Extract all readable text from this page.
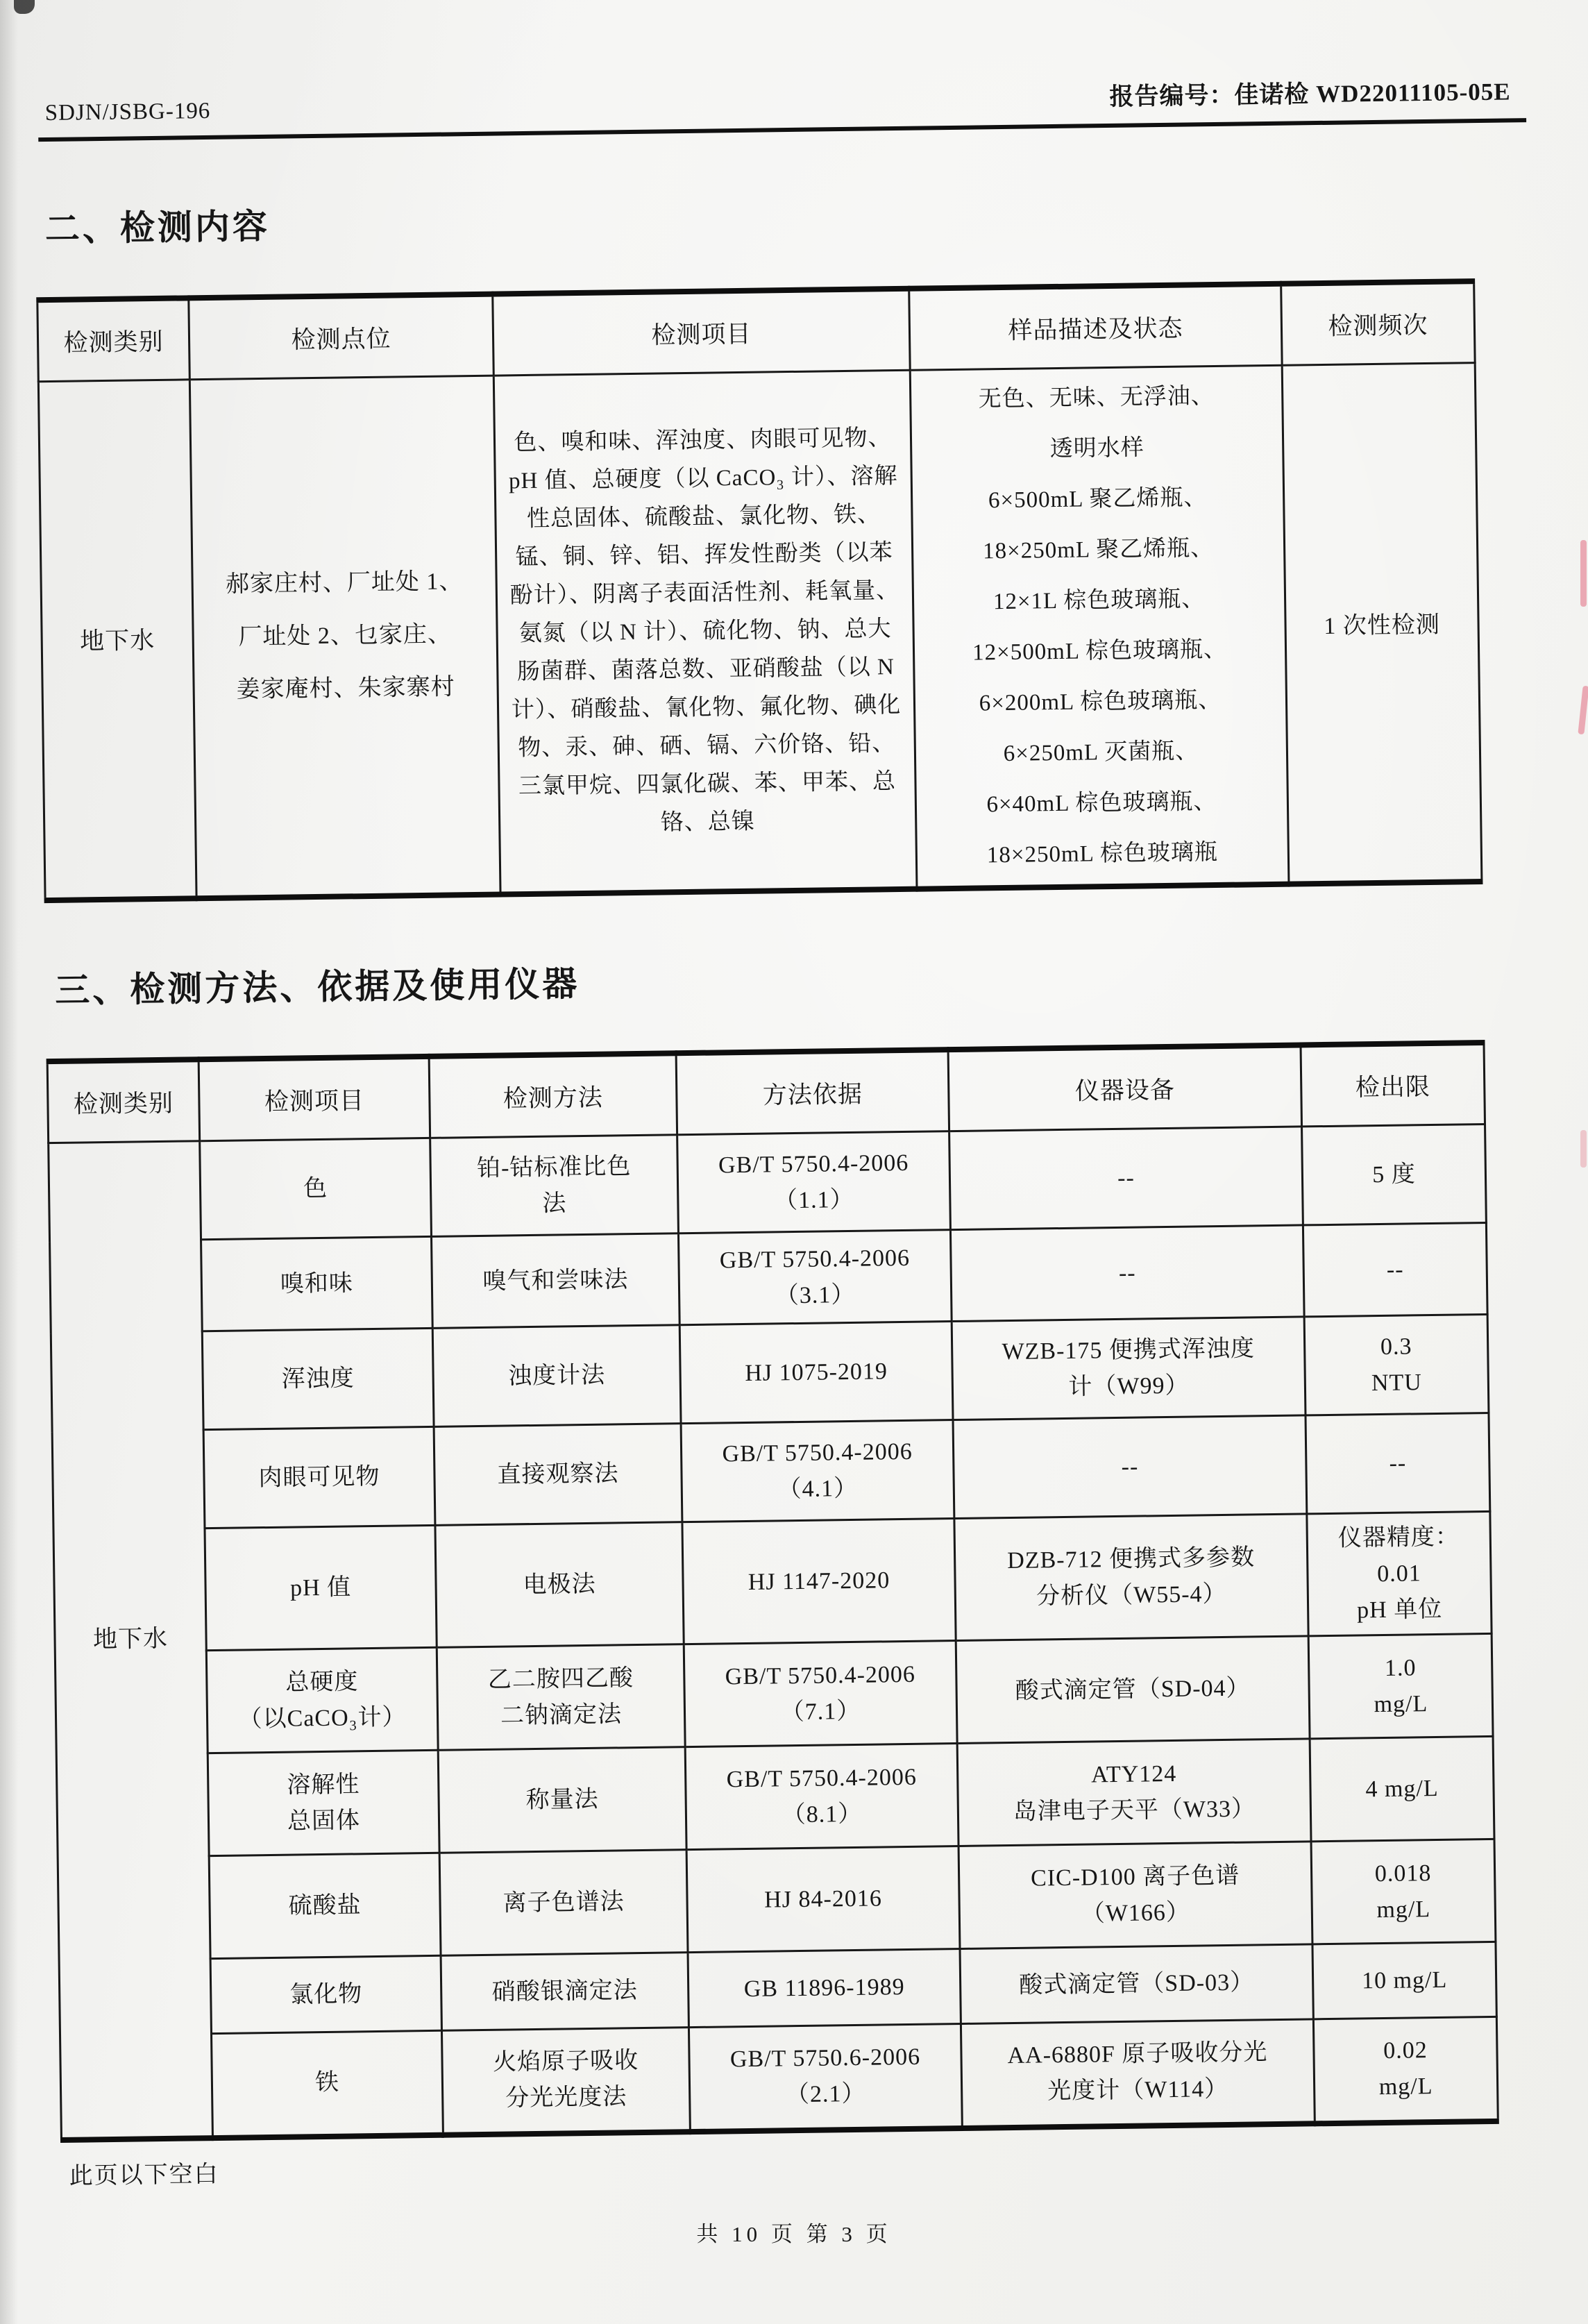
SDJN/JSBG-196
报告编号：佳诺检 WD22011105-05E
二、检测内容
检测类别	检测点位	检测项目	样品描述及状态	检测频次
地下水	郝家庄村、厂址处 1、
厂址处 2、乜家庄、
姜家庵村、朱家寨村	色、嗅和味、浑浊度、肉眼可见物、pH 值、总硬度（以 CaCO₃ 计）、溶解性总固体、硫酸盐、氯化物、铁、锰、铜、锌、铝、挥发性酚类（以苯酚计）、阴离子表面活性剂、耗氧量、氨氮（以 N 计）、硫化物、钠、总大肠菌群、菌落总数、亚硝酸盐（以 N 计）、硝酸盐、氰化物、氟化物、碘化物、汞、砷、硒、镉、六价铬、铅、三氯甲烷、四氯化碳、苯、甲苯、总铬、总镍	无色、无味、无浮油、
透明水样
6×500mL 聚乙烯瓶、
18×250mL 聚乙烯瓶、
12×1L 棕色玻璃瓶、
12×500mL 棕色玻璃瓶、
6×200mL 棕色玻璃瓶、
6×250mL 灭菌瓶、
6×40mL 棕色玻璃瓶、
18×250mL 棕色玻璃瓶	1 次性检测
三、检测方法、依据及使用仪器
检测类别	检测项目	检测方法	方法依据	仪器设备	检出限
地下水	色	铂-钴标准比色
法	GB/T 5750.4-2006
（1.1）	--	5 度
	嗅和味	嗅气和尝味法	GB/T 5750.4-2006
（3.1）	--	--
	浑浊度	浊度计法	HJ 1075-2019	WZB-175 便携式浑浊度
计（W99）	0.3
NTU
	肉眼可见物	直接观察法	GB/T 5750.4-2006
（4.1）	--	--
	pH 值	电极法	HJ 1147-2020	DZB-712 便携式多参数
分析仪（W55-4）	仪器精度：
0.01
pH 单位
	总硬度
（以CaCO₃计）	乙二胺四乙酸
二钠滴定法	GB/T 5750.4-2006
（7.1）	酸式滴定管（SD-04）	1.0
mg/L
	溶解性
总固体	称量法	GB/T 5750.4-2006
（8.1）	ATY124
岛津电子天平（W33）	4 mg/L
	硫酸盐	离子色谱法	HJ 84-2016	CIC-D100 离子色谱
（W166）	0.018
mg/L
	氯化物	硝酸银滴定法	GB 11896-1989	酸式滴定管（SD-03）	10 mg/L
	铁	火焰原子吸收
分光光度法	GB/T 5750.6-2006
（2.1）	AA-6880F 原子吸收分光
光度计（W114）	0.02
mg/L
此页以下空白
共 10 页 第 3 页
